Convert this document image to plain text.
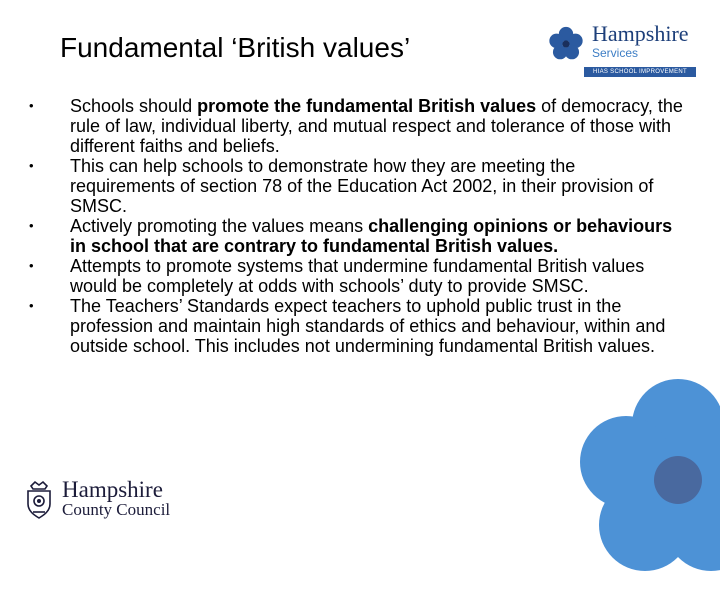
Fundamental ‘British values’	Hampshire
Services
HIAS SCHOOL IMPROVEMENT
• Schools should promote the fundamental British values of democracy, the rule of law, individual liberty, and mutual respect and tolerance of those with different faiths and beliefs.
• This can help schools to demonstrate how they are meeting the requirements of section 78 of the Education Act 2002, in their provision of SMSC.
• Actively promoting the values means challenging opinions or behaviours in school that are contrary to fundamental British values.
• Attempts to promote systems that undermine fundamental British values would be completely at odds with schools’ duty to provide SMSC.
• The Teachers’ Standards expect teachers to uphold public trust in the profession and maintain high standards of ethics and behaviour, within and outside school. This includes not undermining fundamental British values.
Hampshire
County Council
